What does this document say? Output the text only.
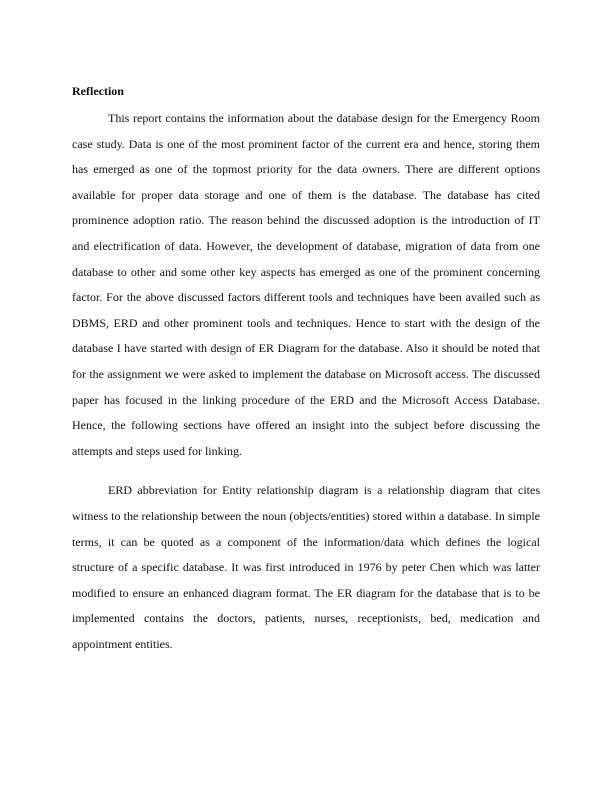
Reflection

This report contains the information about the database design for the Emergency Room case study. Data is one of the most prominent factor of the current era and hence, storing them has emerged as one of the topmost priority for the data owners. There are different options available for proper data storage and one of them is the database. The database has cited prominence adoption ratio. The reason behind the discussed adoption is the introduction of IT and electrification of data. However, the development of database, migration of data from one database to other and some other key aspects has emerged as one of the prominent concerning factor. For the above discussed factors different tools and techniques have been availed such as DBMS, ERD and other prominent tools and techniques. Hence to start with the design of the database I have started with design of ER Diagram for the database. Also it should be noted that for the assignment we were asked to implement the database on Microsoft access. The discussed paper has focused in the linking procedure of the ERD and the Microsoft Access Database. Hence, the following sections have offered an insight into the subject before discussing the attempts and steps used for linking.

ERD abbreviation for Entity relationship diagram is a relationship diagram that cites witness to the relationship between the noun (objects/entities) stored within a database. In simple terms, it can be quoted as a component of the information/data which defines the logical structure of a specific database. It was first introduced in 1976 by peter Chen which was latter modified to ensure an enhanced diagram format. The ER diagram for the database that is to be implemented contains the doctors, patients, nurses, receptionists, bed, medication and appointment entities.
